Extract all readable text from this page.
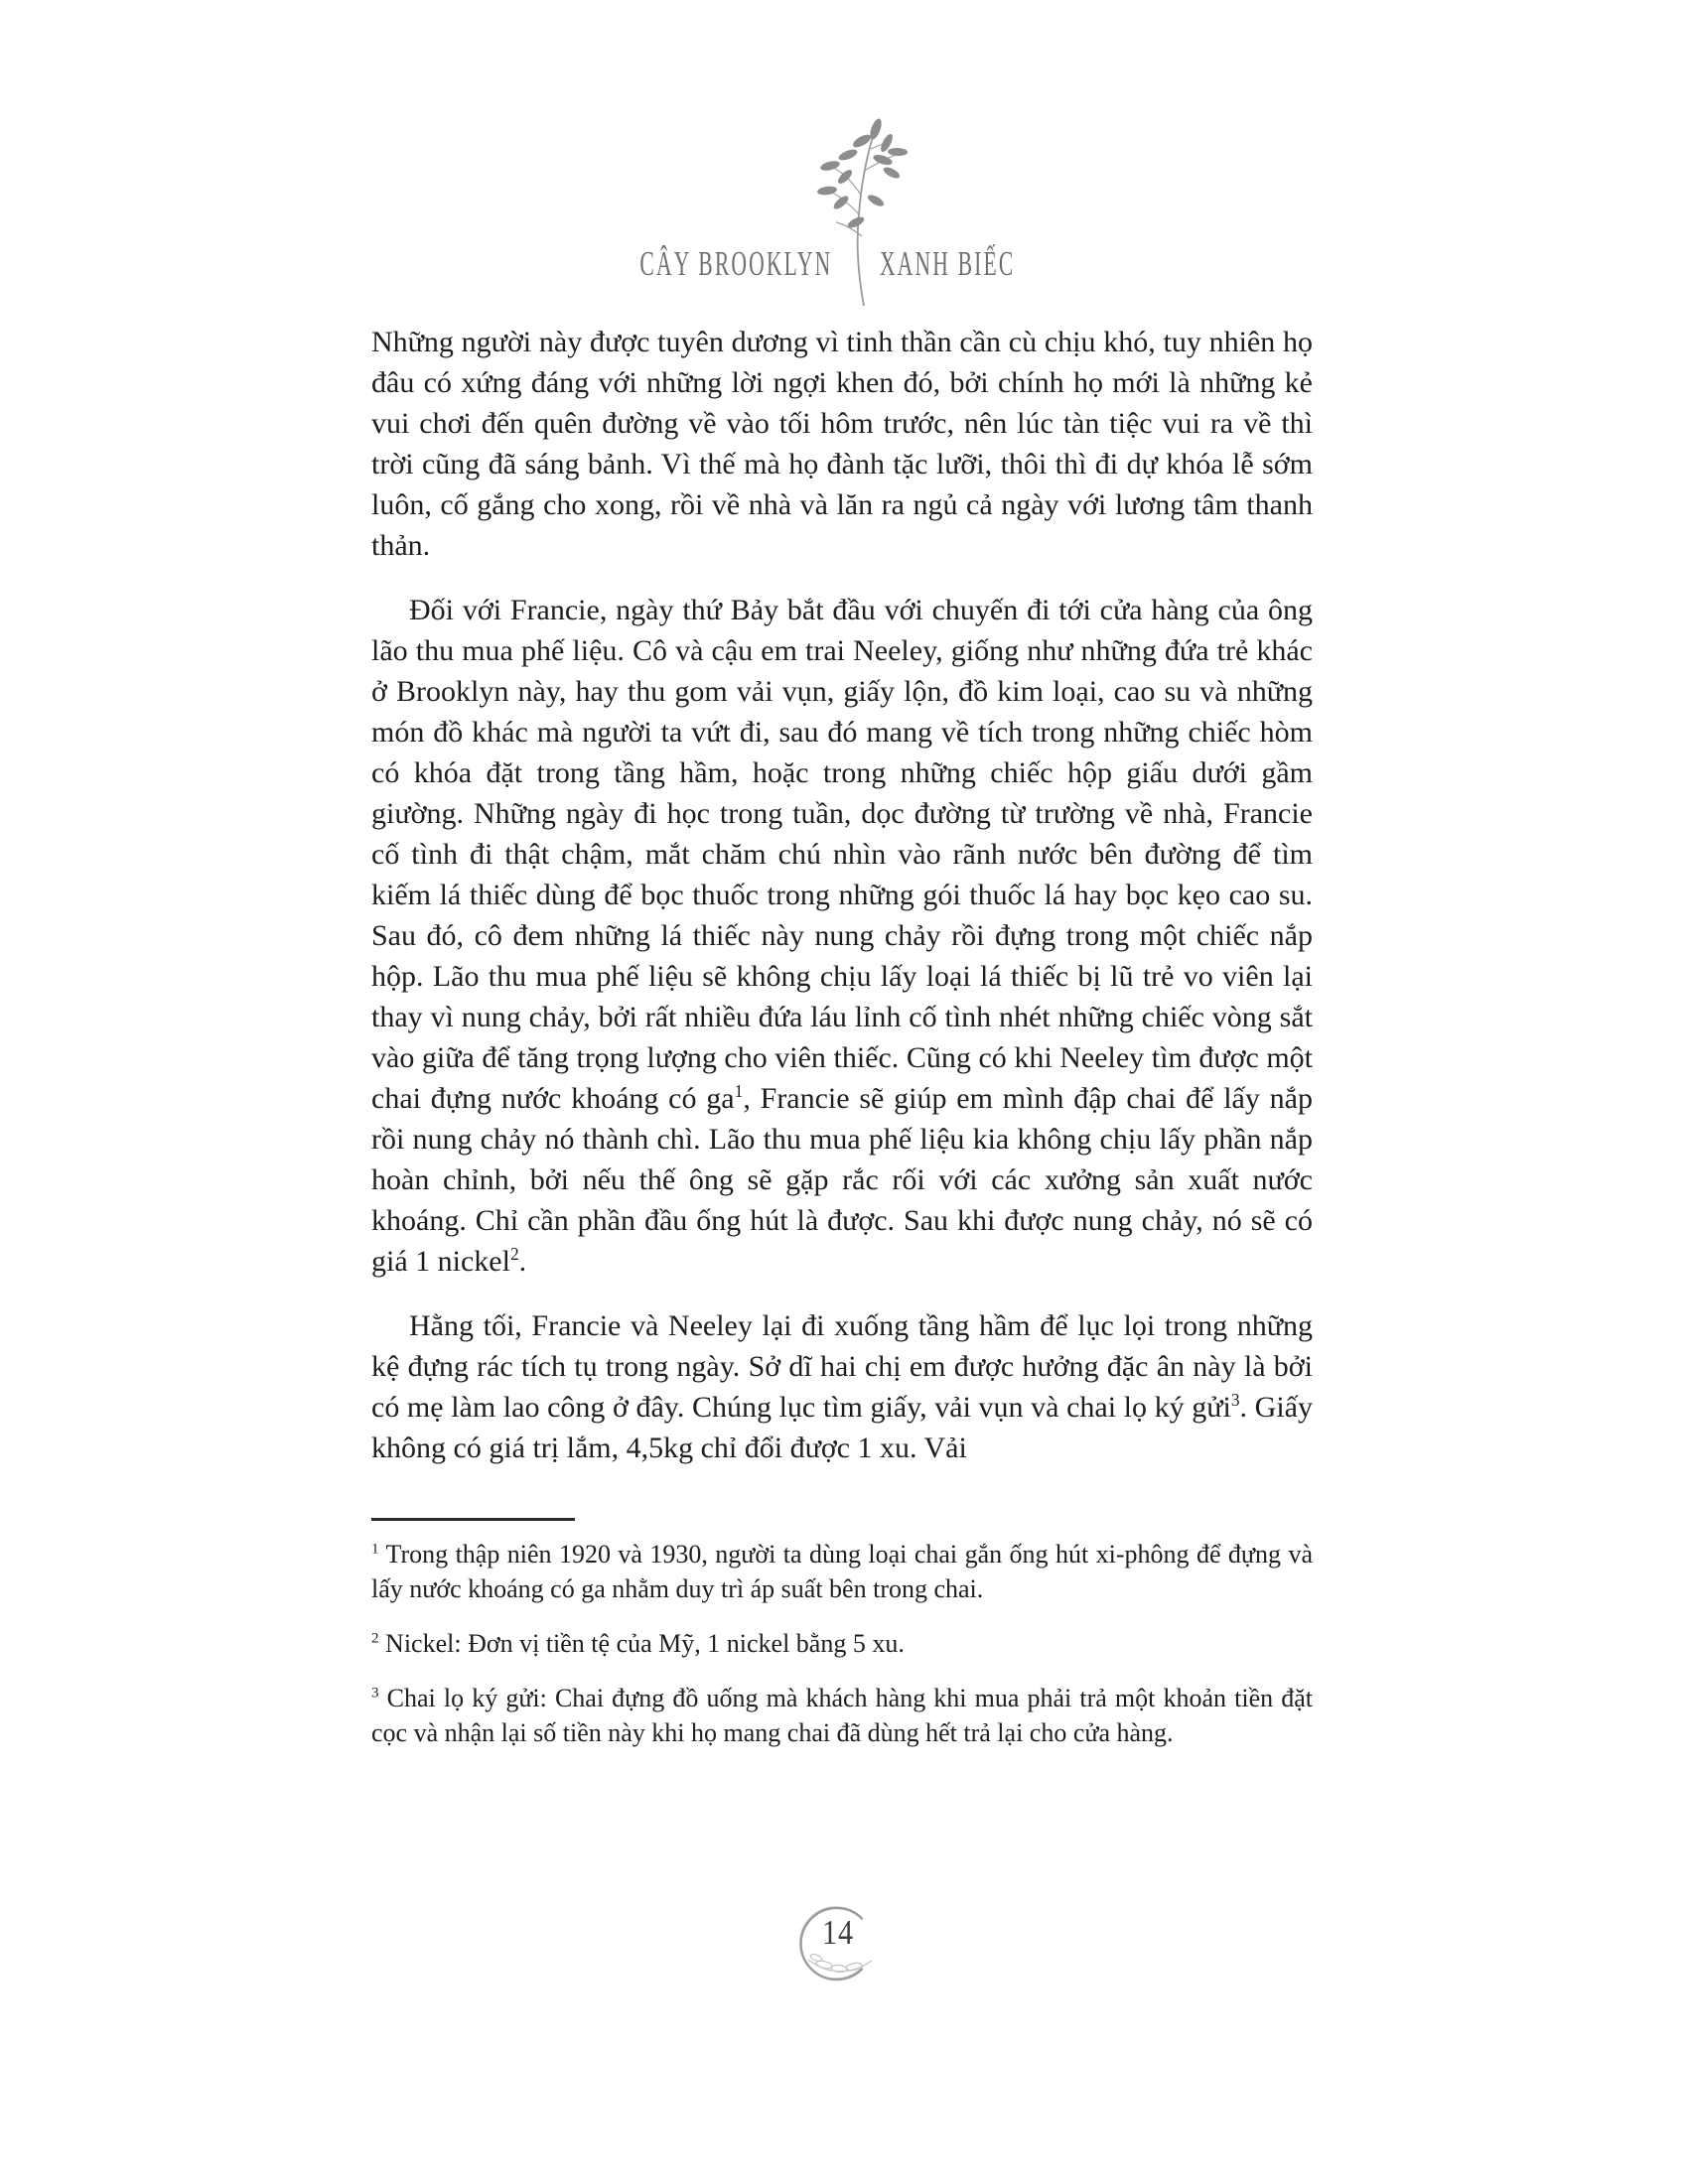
CÂY BROOKLYN XANH BIẾC

Những người này được tuyên dương vì tinh thần cần cù chịu khó, tuy nhiên họ đâu có xứng đáng với những lời ngợi khen đó, bởi chính họ mới là những kẻ vui chơi đến quên đường về vào tối hôm trước, nên lúc tàn tiệc vui ra về thì trời cũng đã sáng bảnh. Vì thế mà họ đành tặc lưỡi, thôi thì đi dự khóa lễ sớm luôn, cố gắng cho xong, rồi về nhà và lăn ra ngủ cả ngày với lương tâm thanh thản.

Đối với Francie, ngày thứ Bảy bắt đầu với chuyến đi tới cửa hàng của ông lão thu mua phế liệu. Cô và cậu em trai Neeley, giống như những đứa trẻ khác ở Brooklyn này, hay thu gom vải vụn, giấy lộn, đồ kim loại, cao su và những món đồ khác mà người ta vứt đi, sau đó mang về tích trong những chiếc hòm có khóa đặt trong tầng hầm, hoặc trong những chiếc hộp giấu dưới gầm giường. Những ngày đi học trong tuần, dọc đường từ trường về nhà, Francie cố tình đi thật chậm, mắt chăm chú nhìn vào rãnh nước bên đường để tìm kiếm lá thiếc dùng để bọc thuốc trong những gói thuốc lá hay bọc kẹo cao su. Sau đó, cô đem những lá thiếc này nung chảy rồi đựng trong một chiếc nắp hộp. Lão thu mua phế liệu sẽ không chịu lấy loại lá thiếc bị lũ trẻ vo viên lại thay vì nung chảy, bởi rất nhiều đứa láu lỉnh cố tình nhét những chiếc vòng sắt vào giữa để tăng trọng lượng cho viên thiếc. Cũng có khi Neeley tìm được một chai đựng nước khoáng có $ga^1$, Francie sẽ giúp em mình đập chai để lấy nắp rồi nung chảy nó thành chì. Lão thu mua phế liệu kia không chịu lấy phần nắp hoàn chỉnh, bởi nếu thế ông sẽ gặp rắc rối với các xưởng sản xuất nước khoáng. Chỉ cần phần đầu ống hút là được. Sau khi được nung chảy, nó sẽ có giá 1 nickel$^2$.

Hằng tối, Francie và Neeley lại đi xuống tầng hầm để lục lọi trong những kệ đựng rác tích tụ trong ngày. Sở dĩ hai chị em được hưởng đặc ân này là bởi có mẹ làm lao công ở đây. Chúng lục tìm giấy, vải vụn và chai lọ ký gửi$^3$. Giấy không có giá trị lắm, 4,5kg chỉ đổi được 1 xu. Vải

$^1$ Trong thập niên 1920 và 1930, người ta dùng loại chai gắn ống hút xi-phông để đựng và lấy nước khoáng có ga nhằm duy trì áp suất bên trong chai.

$^2$ Nickel: Đơn vị tiền tệ của Mỹ, 1 nickel bằng 5 xu.

$^3$ Chai lọ ký gửi: Chai đựng đồ uống mà khách hàng khi mua phải trả một khoản tiền đặt cọc và nhận lại số tiền này khi họ mang chai đã dùng hết trả lại cho cửa hàng.

14
